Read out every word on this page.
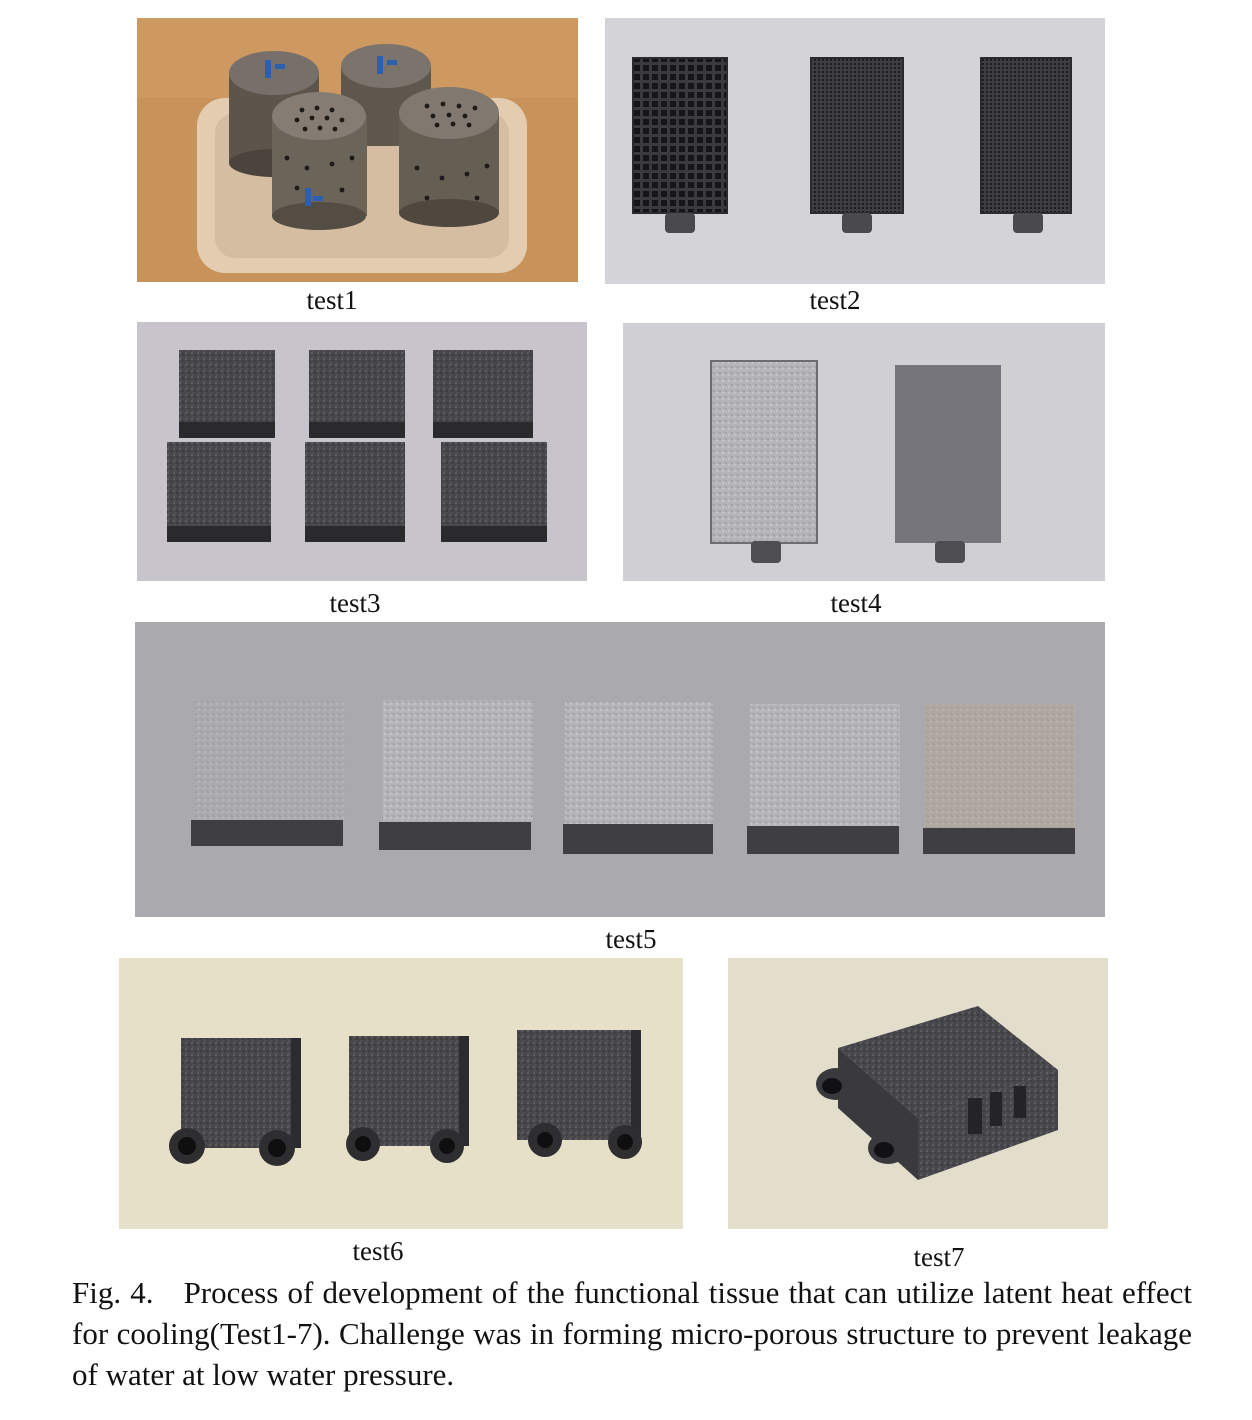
test1	test2
test3	test4
test5
test6	test7
Fig. 4. Process of development of the functional tissue that can utilize latent heat effect for cooling(Test1-7). Challenge was in forming micro-porous structure to prevent leakage of water at low water pressure.
